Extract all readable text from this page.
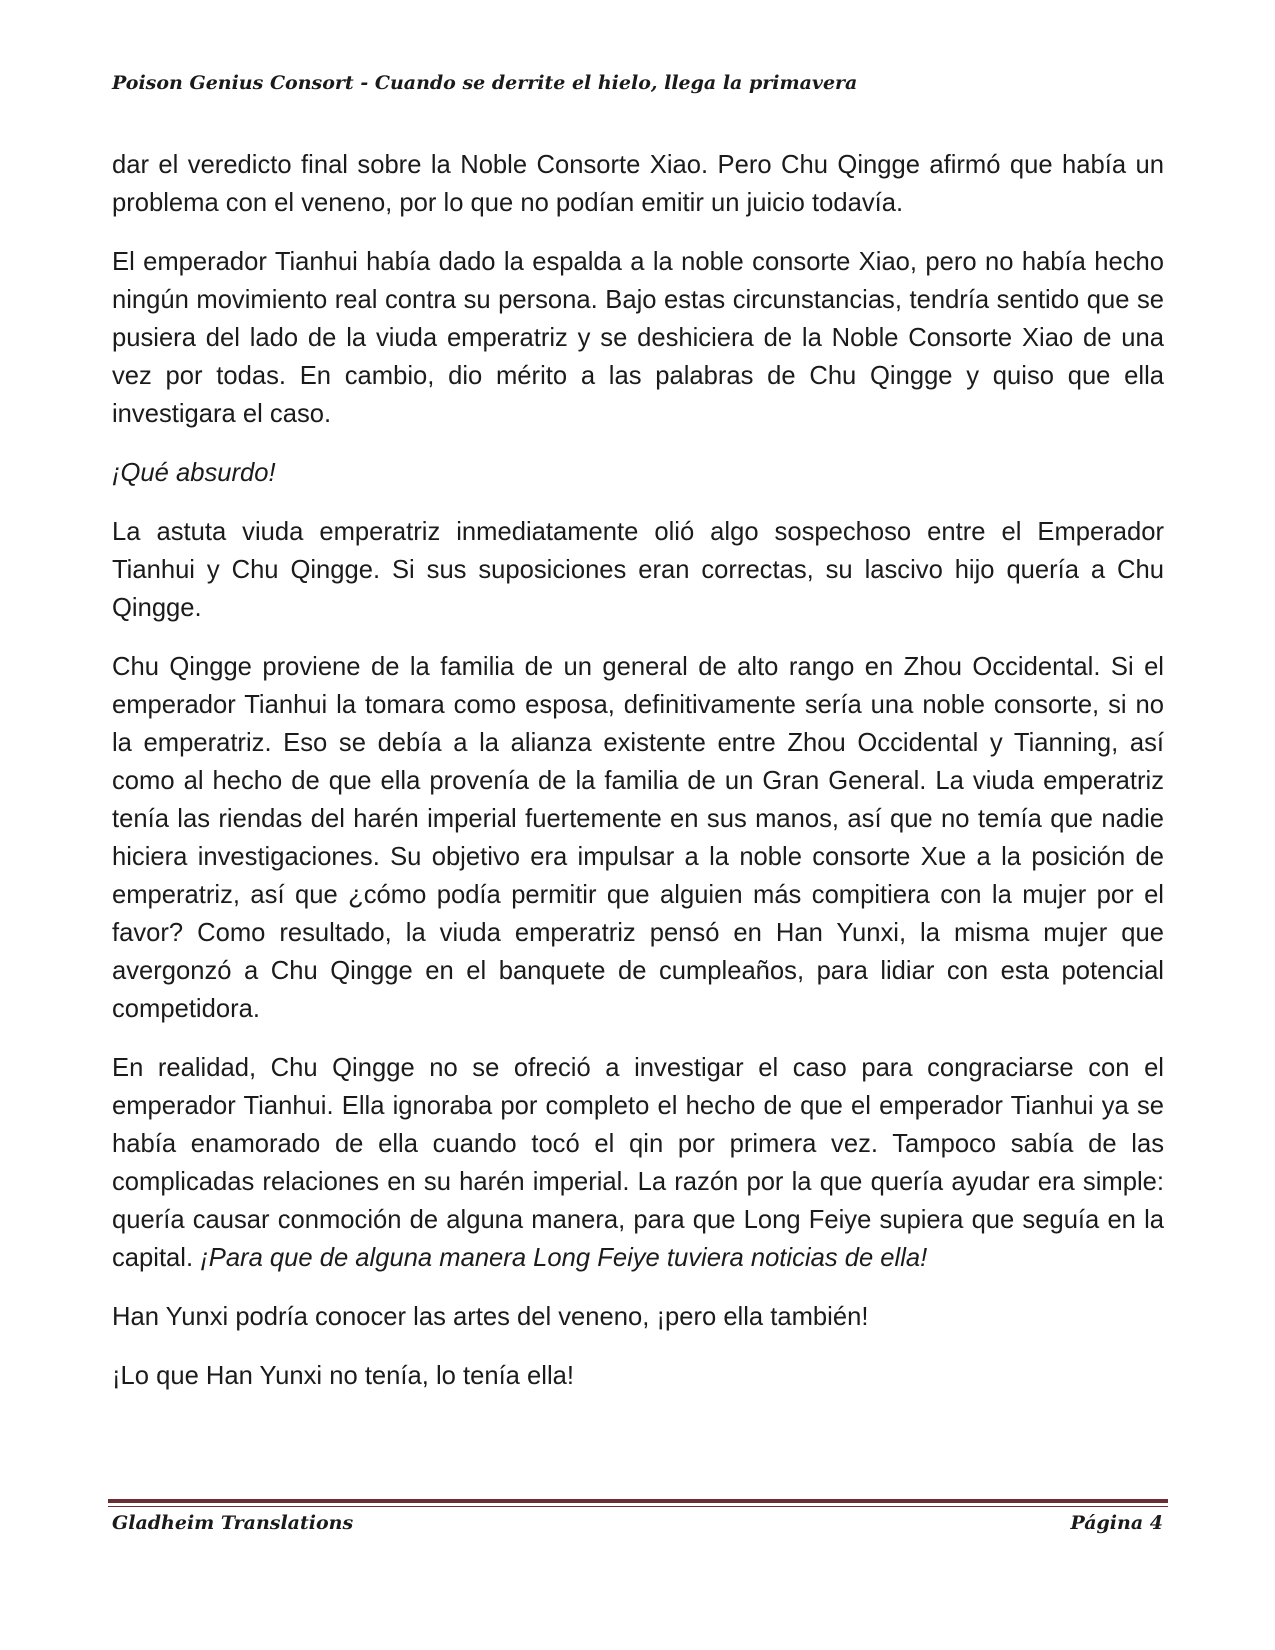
Poison Genius Consort - Cuando se derrite el hielo, llega la primavera

dar el veredicto final sobre la Noble Consorte Xiao. Pero Chu Qingge afirmó que había un problema con el veneno, por lo que no podían emitir un juicio todavía.

El emperador Tianhui había dado la espalda a la noble consorte Xiao, pero no había hecho ningún movimiento real contra su persona. Bajo estas circunstancias, tendría sentido que se pusiera del lado de la viuda emperatriz y se deshiciera de la Noble Consorte Xiao de una vez por todas. En cambio, dio mérito a las palabras de Chu Qingge y quiso que ella investigara el caso.

¡Qué absurdo!

La astuta viuda emperatriz inmediatamente olió algo sospechoso entre el Emperador Tianhui y Chu Qingge. Si sus suposiciones eran correctas, su lascivo hijo quería a Chu Qingge.

Chu Qingge proviene de la familia de un general de alto rango en Zhou Occidental. Si el emperador Tianhui la tomara como esposa, definitivamente sería una noble consorte, si no la emperatriz. Eso se debía a la alianza existente entre Zhou Occidental y Tianning, así como al hecho de que ella provenía de la familia de un Gran General. La viuda emperatriz tenía las riendas del harén imperial fuertemente en sus manos, así que no temía que nadie hiciera investigaciones. Su objetivo era impulsar a la noble consorte Xue a la posición de emperatriz, así que ¿cómo podía permitir que alguien más compitiera con la mujer por el favor? Como resultado, la viuda emperatriz pensó en Han Yunxi, la misma mujer que avergonzó a Chu Qingge en el banquete de cumpleaños, para lidiar con esta potencial competidora.

En realidad, Chu Qingge no se ofreció a investigar el caso para congraciarse con el emperador Tianhui. Ella ignoraba por completo el hecho de que el emperador Tianhui ya se había enamorado de ella cuando tocó el qin por primera vez. Tampoco sabía de las complicadas relaciones en su harén imperial. La razón por la que quería ayudar era simple: quería causar conmoción de alguna manera, para que Long Feiye supiera que seguía en la capital. ¡Para que de alguna manera Long Feiye tuviera noticias de ella!

Han Yunxi podría conocer las artes del veneno, ¡pero ella también!

¡Lo que Han Yunxi no tenía, lo tenía ella!

Gladheim Translations	Página 4
